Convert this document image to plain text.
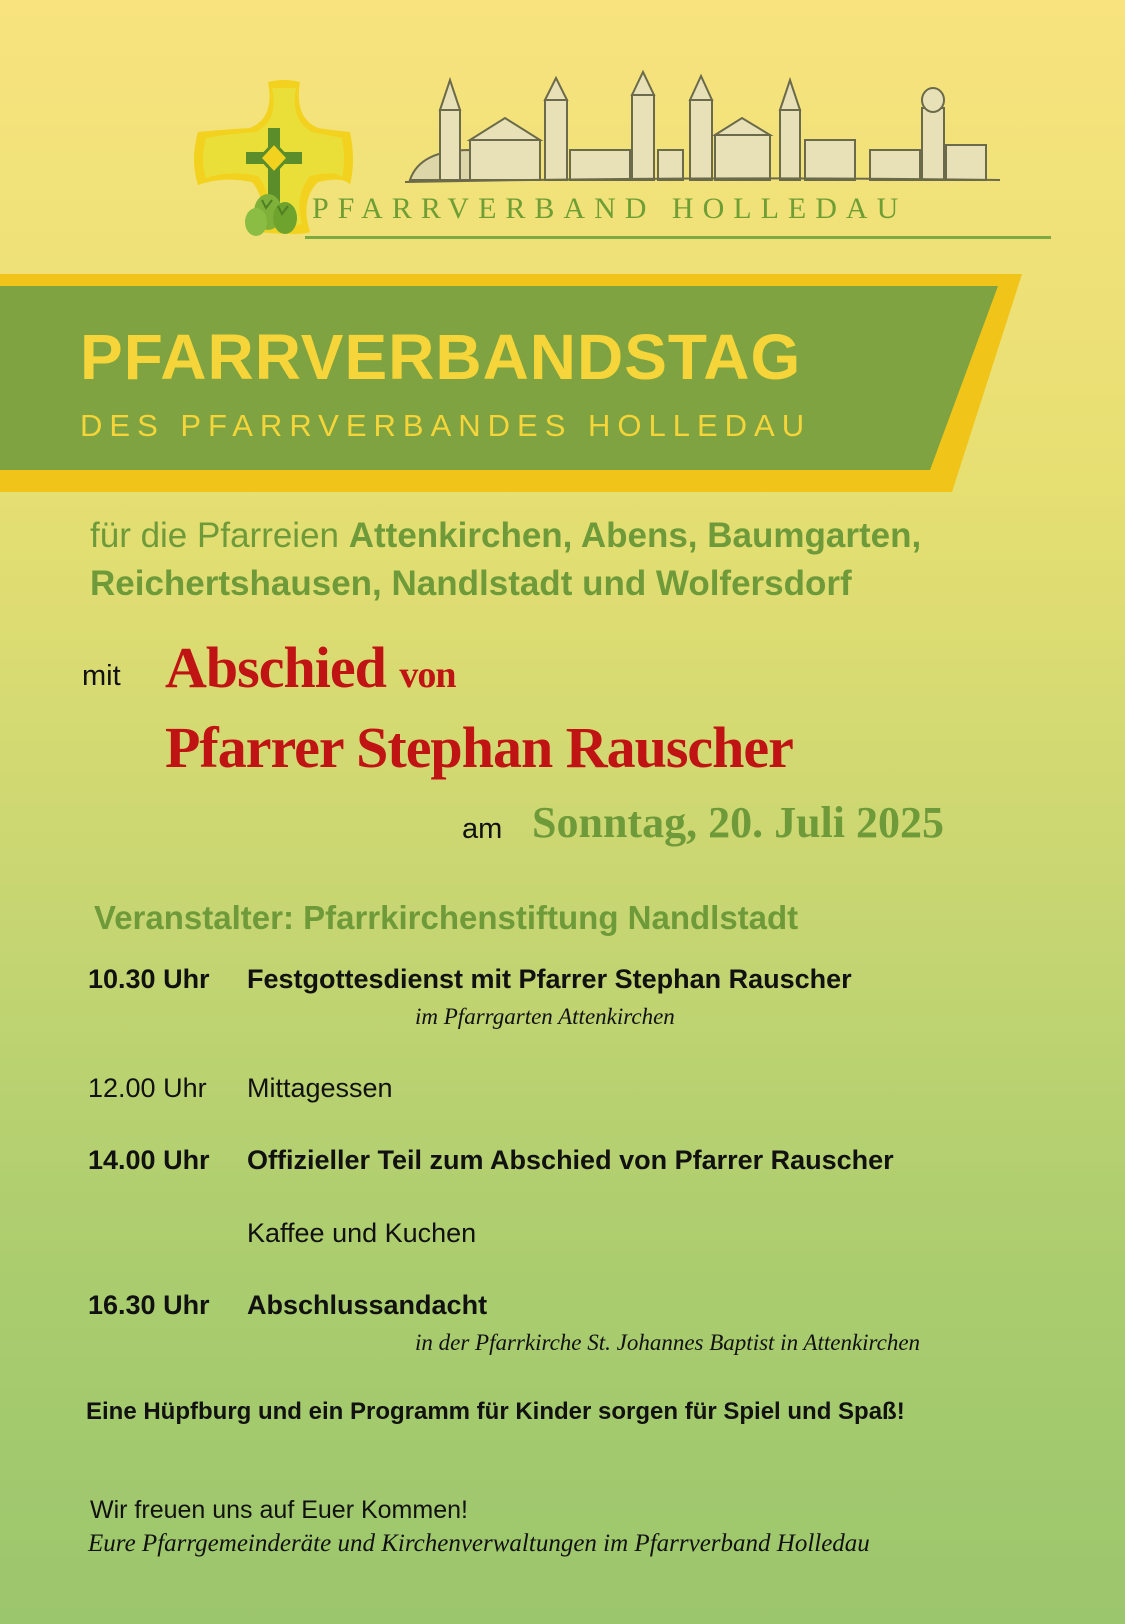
PFARRVERBAND HOLLEDAU
PFARRVERBANDSTAG
DES PFARRVERBANDES HOLLEDAU
für die Pfarreien Attenkirchen, Abens, Baumgarten, Reichertshausen, Nandlstadt und Wolfersdorf
mit Abschied von
Pfarrer Stephan Rauscher
am Sonntag, 20. Juli 2025
Veranstalter: Pfarrkirchenstiftung Nandlstadt
10.30 Uhr Festgottesdienst mit Pfarrer Stephan Rauscher
im Pfarrgarten Attenkirchen
12.00 Uhr Mittagessen
14.00 Uhr Offizieller Teil zum Abschied von Pfarrer Rauscher
Kaffee und Kuchen
16.30 Uhr Abschlussandacht
in der Pfarrkirche St. Johannes Baptist in Attenkirchen
Eine Hüpfburg und ein Programm für Kinder sorgen für Spiel und Spaß!
Wir freuen uns auf Euer Kommen!
Eure Pfarrgemeinderäte und Kirchenverwaltungen im Pfarrverband Holledau
